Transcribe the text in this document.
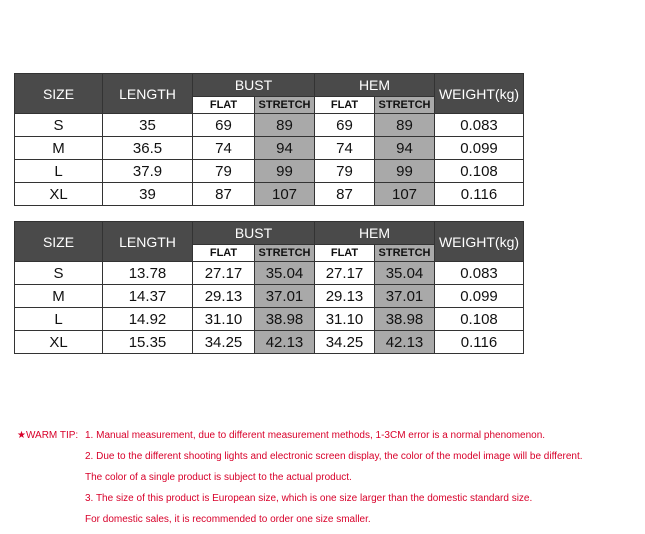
SIZE	LENGTH	BUST		HEM		WEIGHT(kg)
		FLAT	STRETCH	FLAT	STRETCH	
S	35	69	89	69	89	0.083
M	36.5	74	94	74	94	0.099
L	37.9	79	99	79	99	0.108
XL	39	87	107	87	107	0.116
SIZE	LENGTH	BUST		HEM		WEIGHT(kg)
		FLAT	STRETCH	FLAT	STRETCH	
S	13.78	27.17	35.04	27.17	35.04	0.083
M	14.37	29.13	37.01	29.13	37.01	0.099
L	14.92	31.10	38.98	31.10	38.98	0.108
XL	15.35	34.25	42.13	34.25	42.13	0.116
★WARM TIP: 1. Manual measurement, due to different measurement methods, 1-3CM error is a normal phenomenon.
2. Due to the different shooting lights and electronic screen display, the color of the model image will be different.
The color of a single product is subject to the actual product.
3. The size of this product is European size, which is one size larger than the domestic standard size.
For domestic sales, it is recommended to order one size smaller.
